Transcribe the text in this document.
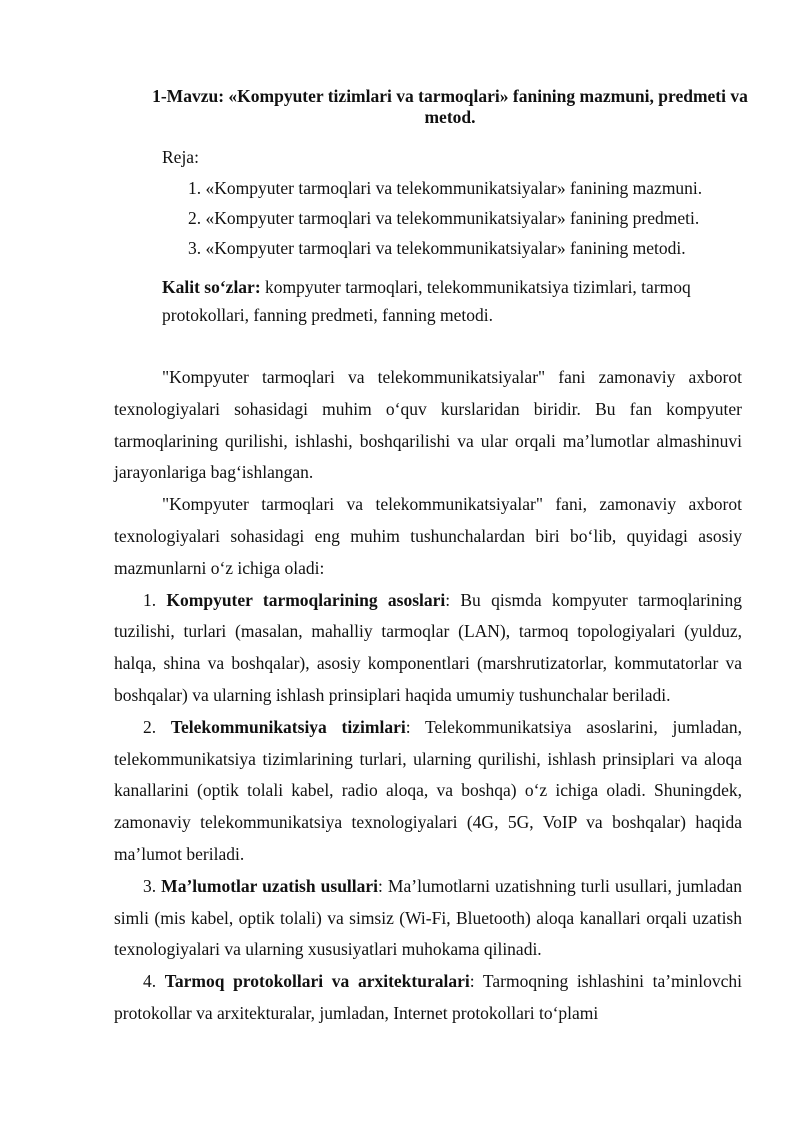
1-Mavzu: «Kompyuter tizimlari va tarmoqlari» fanining mazmuni, predmeti va metod.
Reja:
1. «Kompyuter tarmoqlari va telekommunikatsiyalar» fanining mazmuni.
2. «Kompyuter tarmoqlari va telekommunikatsiyalar» fanining predmeti.
3. «Kompyuter tarmoqlari va telekommunikatsiyalar» fanining metodi.
Kalit so‘zlar: kompyuter tarmoqlari, telekommunikatsiya tizimlari, tarmoq protokollari, fanning predmeti, fanning metodi.

"Kompyuter tarmoqlari va telekommunikatsiyalar" fani zamonaviy axborot texnologiyalari sohasidagi muhim o‘quv kurslaridan biridir. Bu fan kompyuter tarmoqlarining qurilishi, ishlashi, boshqarilishi va ular orqali ma’lumotlar almashinuvi jarayonlariga bag‘ishlangan.

"Kompyuter tarmoqlari va telekommunikatsiyalar" fani, zamonaviy axborot texnologiyalari sohasidagi eng muhim tushunchalardan biri bo‘lib, quyidagi asosiy mazmunlarni o‘z ichiga oladi:

1. Kompyuter tarmoqlarining asoslari: Bu qismda kompyuter tarmoqlarining tuzilishi, turlari (masalan, mahalliy tarmoqlar (LAN), tarmoq topologiyalari (yulduz, halqa, shina va boshqalar), asosiy komponentlari (marshrutizatorlar, kommutatorlar va boshqalar) va ularning ishlash prinsiplari haqida umumiy tushunchalar beriladi.

2. Telekommunikatsiya tizimlari: Telekommunikatsiya asoslarini, jumladan, telekommunikatsiya tizimlarining turlari, ularning qurilishi, ishlash prinsiplari va aloqa kanallarini (optik tolali kabel, radio aloqa, va boshqa) o‘z ichiga oladi. Shuningdek, zamonaviy telekommunikatsiya texnologiyalari (4G, 5G, VoIP va boshqalar) haqida ma’lumot beriladi.

3. Ma’lumotlar uzatish usullari: Ma’lumotlarni uzatishning turli usullari, jumladan simli (mis kabel, optik tolali) va simsiz (Wi-Fi, Bluetooth) aloqa kanallari orqali uzatish texnologiyalari va ularning xususiyatlari muhokama qilinadi.

4. Tarmoq protokollari va arxitekturalari: Tarmoqning ishlashini ta’minlovchi protokollar va arxitekturalar, jumladan, Internet protokollari to‘plami
